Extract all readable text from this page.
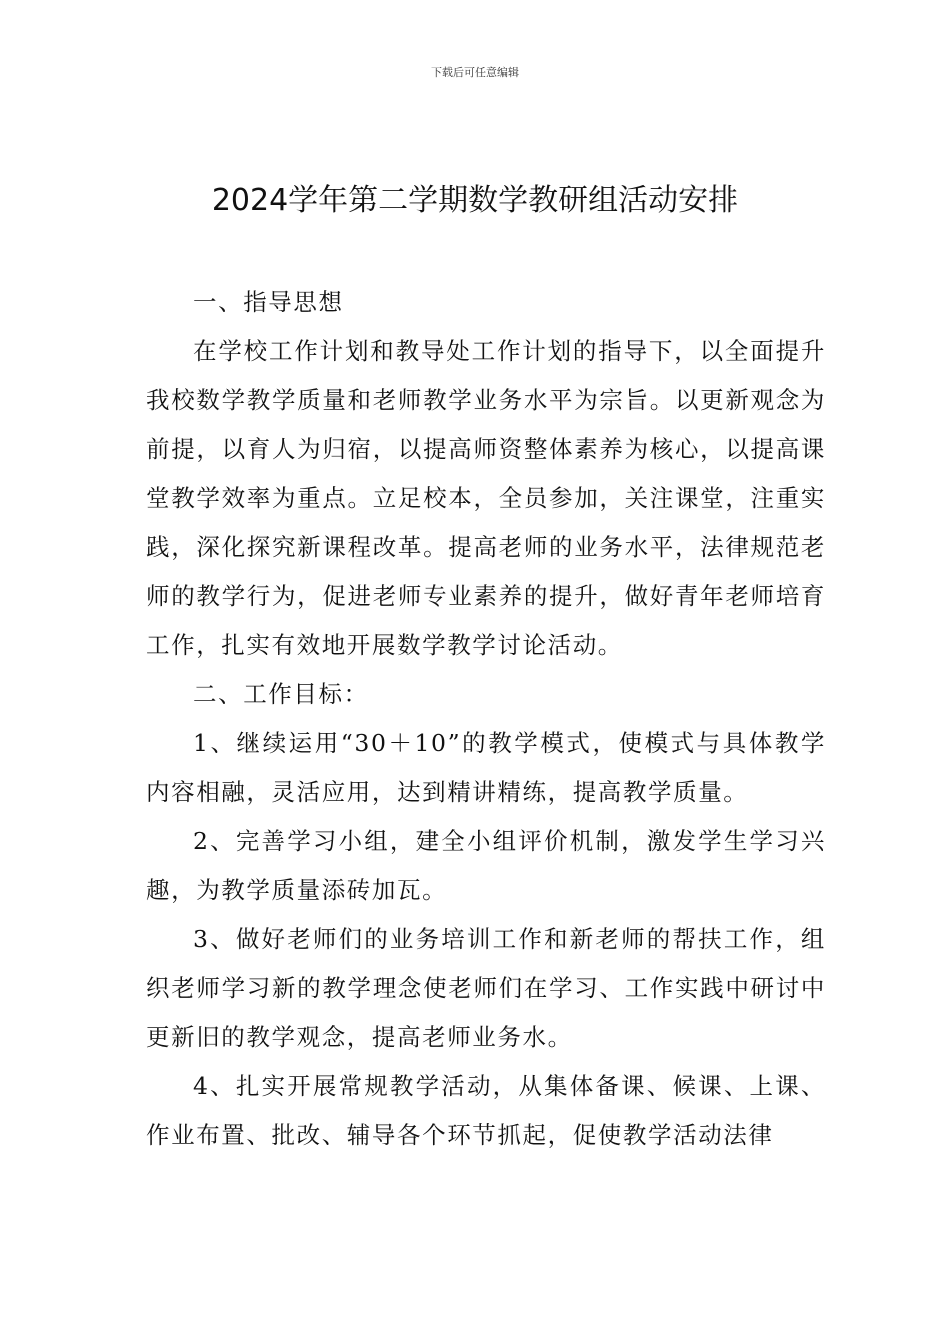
下载后可任意编辑
2024学年第二学期数学教研组活动安排

一、指导思想

在学校工作计划和教导处工作计划的指导下，以全面提升我校数学教学质量和老师教学业务水平为宗旨。以更新观念为前提，以育人为归宿，以提高师资整体素养为核心，以提高课堂教学效率为重点。立足校本，全员参加，关注课堂，注重实践，深化探究新课程改革。提高老师的业务水平，法律规范老师的教学行为，促进老师专业素养的提升，做好青年老师培育工作，扎实有效地开展数学教学讨论活动。

二、工作目标：

1、继续运用“30＋10”的教学模式，使模式与具体教学内容相融，灵活应用，达到精讲精练，提高教学质量。

2、完善学习小组，建全小组评价机制，激发学生学习兴趣，为教学质量添砖加瓦。

3、做好老师们的业务培训工作和新老师的帮扶工作，组织老师学习新的教学理念使老师们在学习、工作实践中研讨中更新旧的教学观念，提高老师业务水。

4、扎实开展常规教学活动，从集体备课、候课、上课、作业布置、批改、辅导各个环节抓起，促使教学活动法律
